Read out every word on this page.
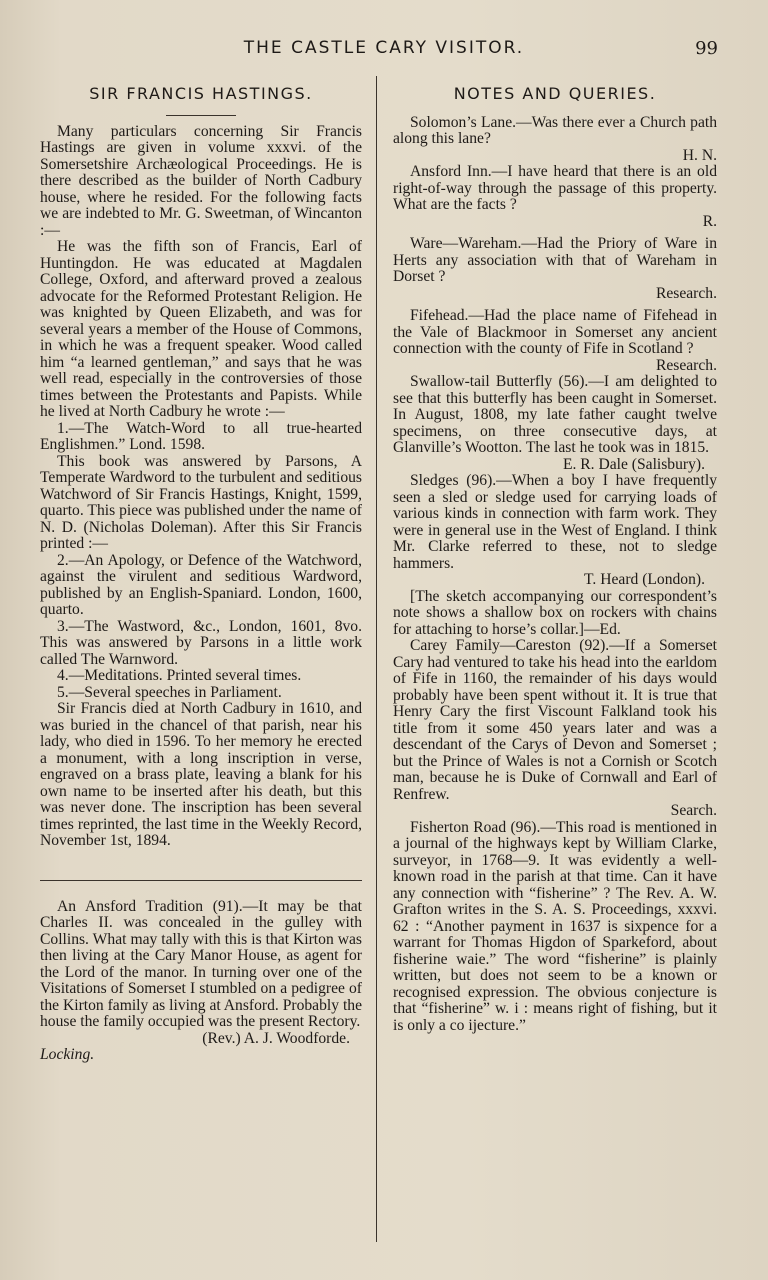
THE CASTLE CARY VISITOR.	99
SIR FRANCIS HASTINGS.

Many particulars concerning Sir Francis Hastings are given in volume xxxvi. of the Somersetshire Archæological Proceedings. He is there described as the builder of North Cadbury house, where he resided. For the following facts we are indebted to Mr. G. Sweetman, of Wincanton :—

He was the fifth son of Francis, Earl of Huntingdon. He was educated at Magdalen College, Oxford, and afterward proved a zealous advocate for the Reformed Protestant Religion. He was knighted by Queen Elizabeth, and was for several years a member of the House of Commons, in which he was a frequent speaker. Wood called him “a learned gentleman,” and says that he was well read, especially in the controversies of those times between the Protestants and Papists. While he lived at North Cadbury he wrote :—

1.—The Watch-Word to all true-hearted Englishmen.” Lond. 1598.

This book was answered by Parsons, A Temperate Wardword to the turbulent and seditious Watchword of Sir Francis Hastings, Knight, 1599, quarto. This piece was published under the name of N. D. (Nicholas Doleman). After this Sir Francis printed :—

2.—An Apology, or Defence of the Watchword, against the virulent and seditious Wardword, published by an English-Spaniard. London, 1600, quarto.

3.—The Wastword, &c., London, 1601, 8vo. This was answered by Parsons in a little work called The Warnword.

4.—Meditations. Printed several times.

5.—Several speeches in Parliament.

Sir Francis died at North Cadbury in 1610, and was buried in the chancel of that parish, near his lady, who died in 1596. To her memory he erected a monument, with a long inscription in verse, engraved on a brass plate, leaving a blank for his own name to be inserted after his death, but this was never done. The inscription has been several times reprinted, the last time in the Weekly Record, November 1st, 1894.

An Ansford Tradition (91).—It may be that Charles II. was concealed in the gulley with Collins. What may tally with this is that Kirton was then living at the Cary Manor House, as agent for the Lord of the manor. In turning over one of the Visitations of Somerset I stumbled on a pedigree of the Kirton family as living at Ansford. Probably the house the family occupied was the present Rectory.

(Rev.) A. J. Woodforde.

Locking.

NOTES AND QUERIES.

Solomon’s Lane.—Was there ever a Church path along this lane?

H. N.

Ansford Inn.—I have heard that there is an old right-of-way through the passage of this property. What are the facts ?

R.

Ware—Wareham.—Had the Priory of Ware in Herts any association with that of Wareham in Dorset ?

Research.

Fifehead.—Had the place name of Fifehead in the Vale of Blackmoor in Somerset any ancient connection with the county of Fife in Scotland ?

Research.

Swallow-tail Butterfly (56).—I am delighted to see that this butterfly has been caught in Somerset. In August, 1808, my late father caught twelve specimens, on three consecutive days, at Glanville’s Wootton. The last he took was in 1815.

E. R. Dale (Salisbury).

Sledges (96).—When a boy I have frequently seen a sled or sledge used for carrying loads of various kinds in connection with farm work. They were in general use in the West of England. I think Mr. Clarke referred to these, not to sledge hammers.

T. Heard (London).

[The sketch accompanying our correspondent’s note shows a shallow box on rockers with chains for attaching to horse’s collar.]—Ed.

Carey Family—Careston (92).—If a Somerset Cary had ventured to take his head into the earldom of Fife in 1160, the remainder of his days would probably have been spent without it. It is true that Henry Cary the first Viscount Falkland took his title from it some 450 years later and was a descendant of the Carys of Devon and Somerset ; but the Prince of Wales is not a Cornish or Scotch man, because he is Duke of Cornwall and Earl of Renfrew.

Search.

Fisherton Road (96).—This road is mentioned in a journal of the highways kept by William Clarke, surveyor, in 1768—9. It was evidently a well-known road in the parish at that time. Can it have any connection with “fisherine” ? The Rev. A. W. Grafton writes in the S. A. S. Proceedings, xxxvi. 62 : “Another payment in 1637 is sixpence for a warrant for Thomas Higdon of Sparkeford, about fisherine waie.” The word “fisherine” is plainly written, but does not seem to be a known or recognised expression. The obvious conjecture is that “fisherine” w. i : means right of fishing, but it is only a co ijecture.”
